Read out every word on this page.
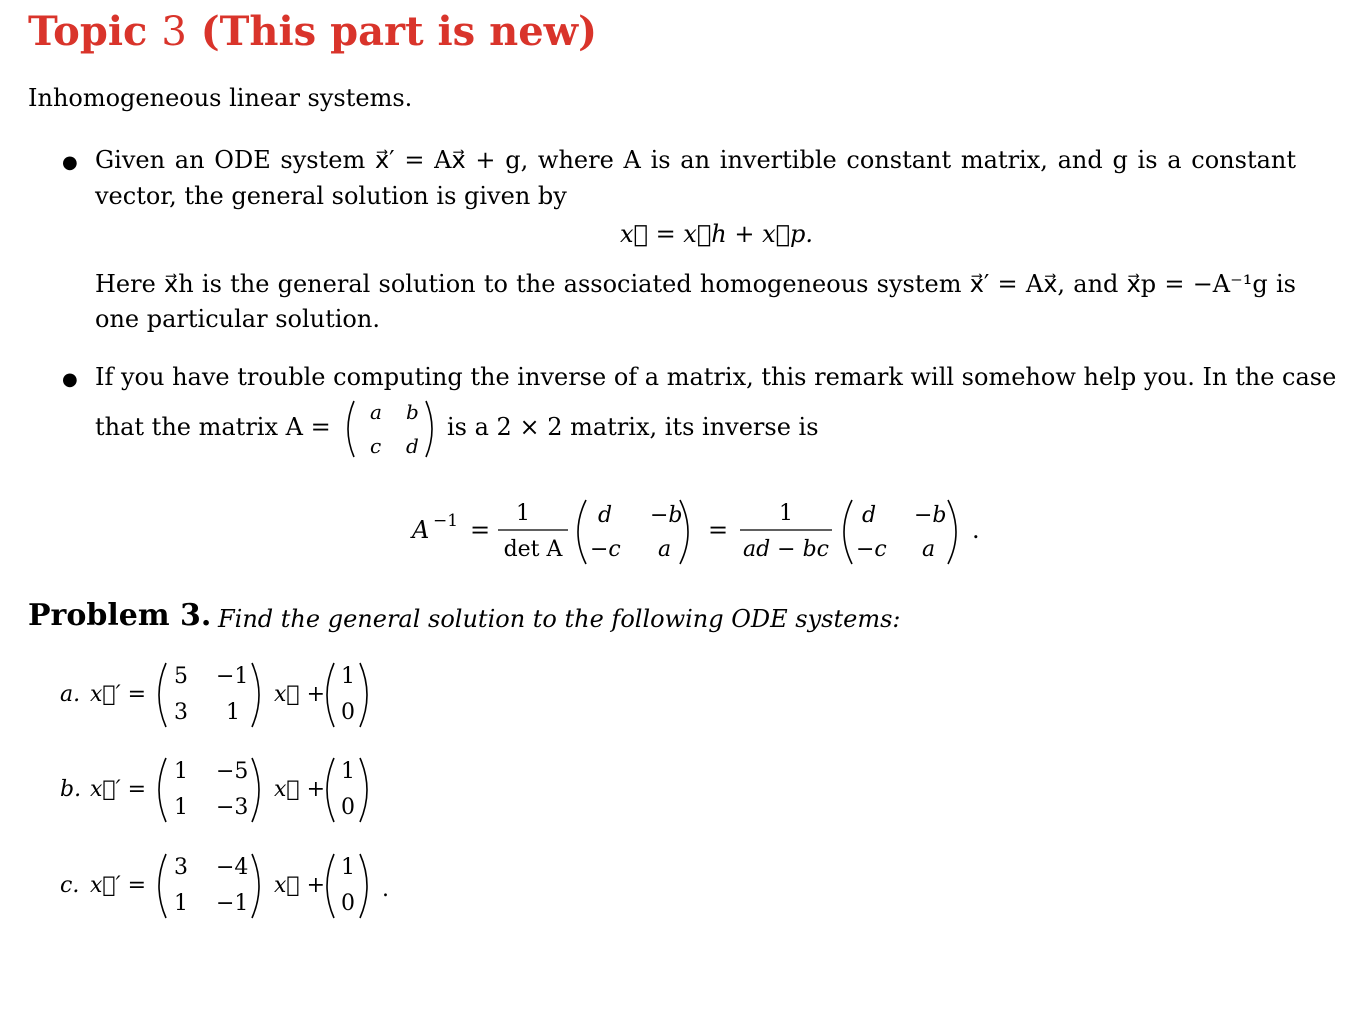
Topic 3 (This part is new)
Inhomogeneous linear systems.
● Given an ODE system x⃗′ = Ax⃗ + g, where A is an invertible constant matrix, and g is a constant
vector, the general solution is given by
x⃗ = x⃗h + x⃗p.
Here x⃗h is the general solution to the associated homogeneous system x⃗′ = Ax⃗, and x⃗p = −A⁻¹g is
one particular solution.
● If you have trouble computing the inverse of a matrix, this remark will somehow help you. In the case
that the matrix A =
a b
c d
is a 2 × 2 matrix, its inverse is
A −1 =
1
det A
d −b
−c a
=
1
ad − bc
d −b
−c a
.
Problem 3. Find the general solution to the following ODE systems:
a. x⃗′ =
5 −1
3 1
x⃗ +
1
0
b. x⃗′ =
1 −5
1 −3
x⃗ +
1
0
c. x⃗′ =
3 −4
1 −1
x⃗ +
1
0
.
